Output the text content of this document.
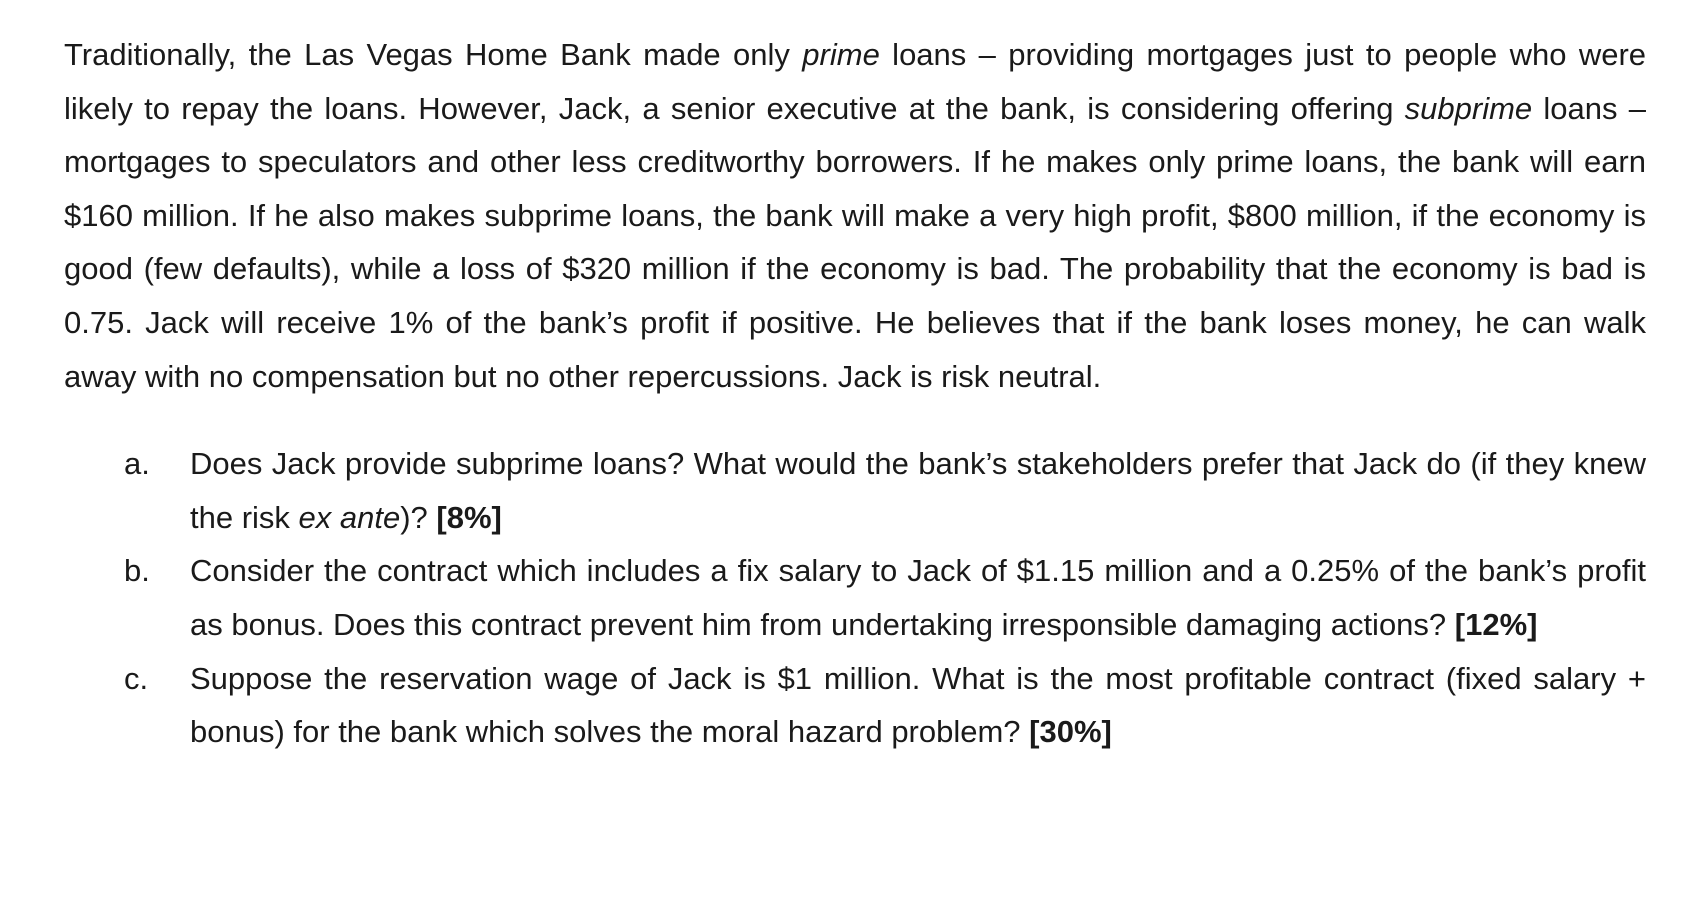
Traditionally, the Las Vegas Home Bank made only prime loans – providing mortgages just to people who were likely to repay the loans. However, Jack, a senior executive at the bank, is considering offering subprime loans – mortgages to speculators and other less creditworthy borrowers. If he makes only prime loans, the bank will earn $160 million. If he also makes subprime loans, the bank will make a very high profit, $800 million, if the economy is good (few defaults), while a loss of $320 million if the economy is bad. The probability that the economy is bad is 0.75. Jack will receive 1% of the bank’s profit if positive. He believes that if the bank loses money, he can walk away with no compensation but no other repercussions. Jack is risk neutral.

a. Does Jack provide subprime loans? What would the bank’s stakeholders prefer that Jack do (if they knew the risk ex ante)? [8%]
b. Consider the contract which includes a fix salary to Jack of $1.15 million and a 0.25% of the bank’s profit as bonus. Does this contract prevent him from undertaking irresponsible damaging actions? [12%]
c. Suppose the reservation wage of Jack is $1 million. What is the most profitable contract (fixed salary + bonus) for the bank which solves the moral hazard problem? [30%]
